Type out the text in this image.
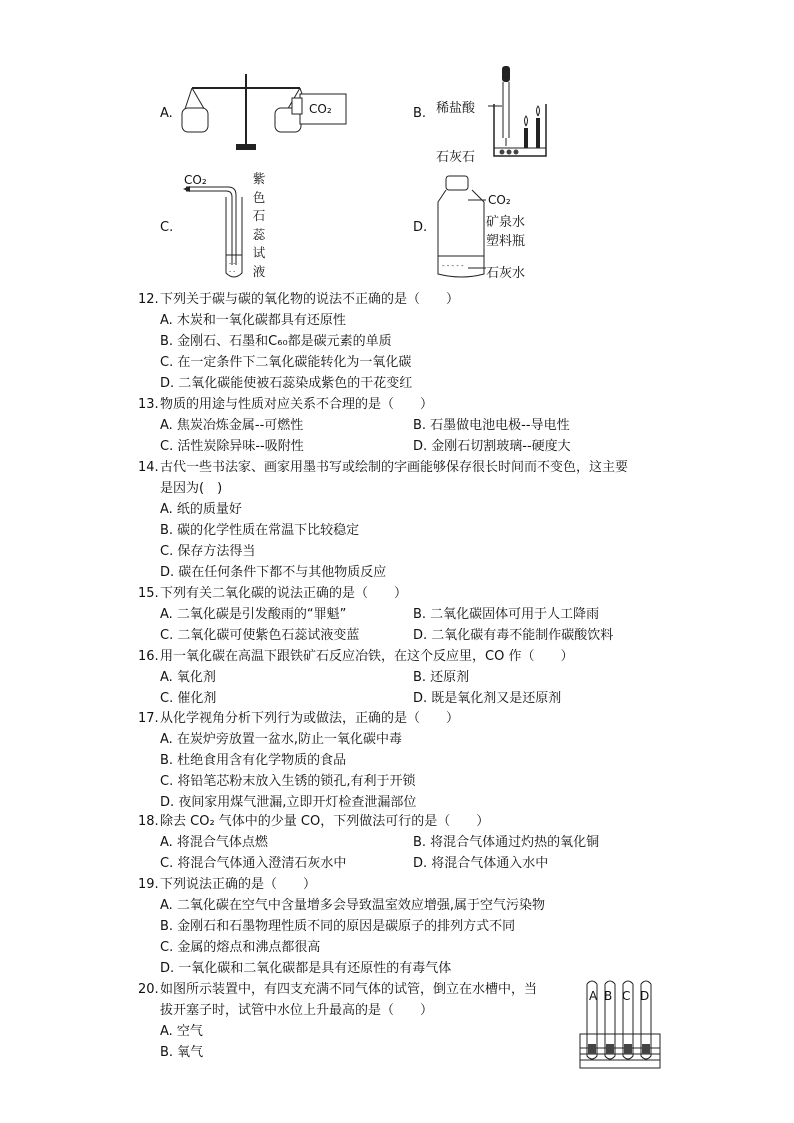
A.	CO₂	B. 稀盐酸
石灰石
C.
CO₂
- -
- -
紫
色
石
蕊
试
液
D.
- - - - -
CO₂
矿泉水
塑料瓶
石灰水
12.下列关于碳与碳的氧化物的说法不正确的是（　　）
A. 木炭和一氧化碳都具有还原性
B. 金刚石、石墨和C₆₀都是碳元素的单质
C. 在一定条件下二氧化碳能转化为一氧化碳
D. 二氧化碳能使被石蕊染成紫色的干花变红
13.物质的用途与性质对应关系不合理的是（　　）
A. 焦炭冶炼金属--可燃性	B. 石墨做电池电极--导电性
C. 活性炭除异味--吸附性	D. 金刚石切割玻璃--硬度大
14.古代一些书法家、画家用墨书写或绘制的字画能够保存很长时间而不变色，这主要
是因为(　)
A. 纸的质量好
B. 碳的化学性质在常温下比较稳定
C. 保存方法得当
D. 碳在任何条件下都不与其他物质反应
15.下列有关二氧化碳的说法正确的是（　　）
A. 二氧化碳是引发酸雨的“罪魁”	B. 二氧化碳固体可用于人工降雨
C. 二氧化碳可使紫色石蕊试液变蓝	D. 二氧化碳有毒不能制作碳酸饮料
16.用一氧化碳在高温下跟铁矿石反应冶铁，在这个反应里，CO 作（　　）
A. 氧化剂	B. 还原剂
C. 催化剂	D. 既是氧化剂又是还原剂
17.从化学视角分析下列行为或做法，正确的是（　　）
A. 在炭炉旁放置一盆水,防止一氧化碳中毒
B. 杜绝食用含有化学物质的食品
C. 将铅笔芯粉末放入生锈的锁孔,有利于开锁
D. 夜间家用煤气泄漏,立即开灯检查泄漏部位
18.除去 CO₂ 气体中的少量 CO，下列做法可行的是（　　）
A. 将混合气体点燃	B. 将混合气体通过灼热的氧化铜
C. 将混合气体通入澄清石灰水中	D. 将混合气体通入水中
19.下列说法正确的是（　　）
A. 二氧化碳在空气中含量增多会导致温室效应增强,属于空气污染物
B. 金刚石和石墨物理性质不同的原因是碳原子的排列方式不同
C. 金属的熔点和沸点都很高
D. 一氧化碳和二氧化碳都是具有还原性的有毒气体
20.如图所示装置中，有四支充满不同气体的试管，倒立在水槽中，当
拔开塞子时，试管中水位上升最高的是（　　）
A. 空气
B. 氧气
A B C D
